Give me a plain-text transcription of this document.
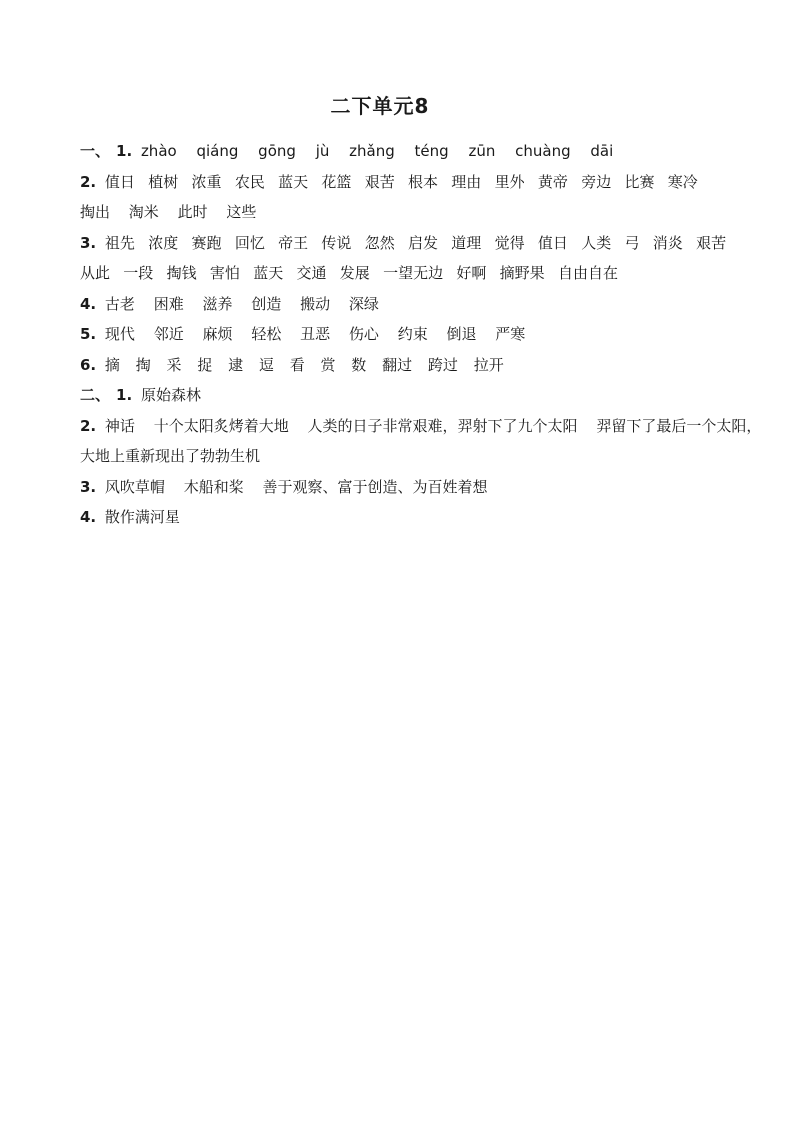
二下单元8
一、 1. zhào qiáng gōng jù zhǎng téng zūn chuàng dāi
2. 值日 植树 浓重 农民 蓝天 花篮 艰苦 根本 理由 里外 黄帝 旁边 比赛 寒冷
掏出 淘米 此时 这些
3. 祖先 浓度 赛跑 回忆 帝王 传说 忽然 启发 道理 觉得 值日 人类 弓 消炎 艰苦
从此 一段 掏钱 害怕 蓝天 交通 发展 一望无边 好啊 摘野果 自由自在
4. 古老 困难 滋养 创造 搬动 深绿
5. 现代 邻近 麻烦 轻松 丑恶 伤心 约束 倒退 严寒
6. 摘 掏 采 捉 逮 逗 看 赏 数 翻过 跨过 拉开
二、 1. 原始森林
2. 神话 十个太阳炙烤着大地 人类的日子非常艰难，羿射下了九个太阳 羿留下了最后一个太阳，
大地上重新现出了勃勃生机
3. 风吹草帽 木船和桨 善于观察、富于创造、为百姓着想
4. 散作满河星
